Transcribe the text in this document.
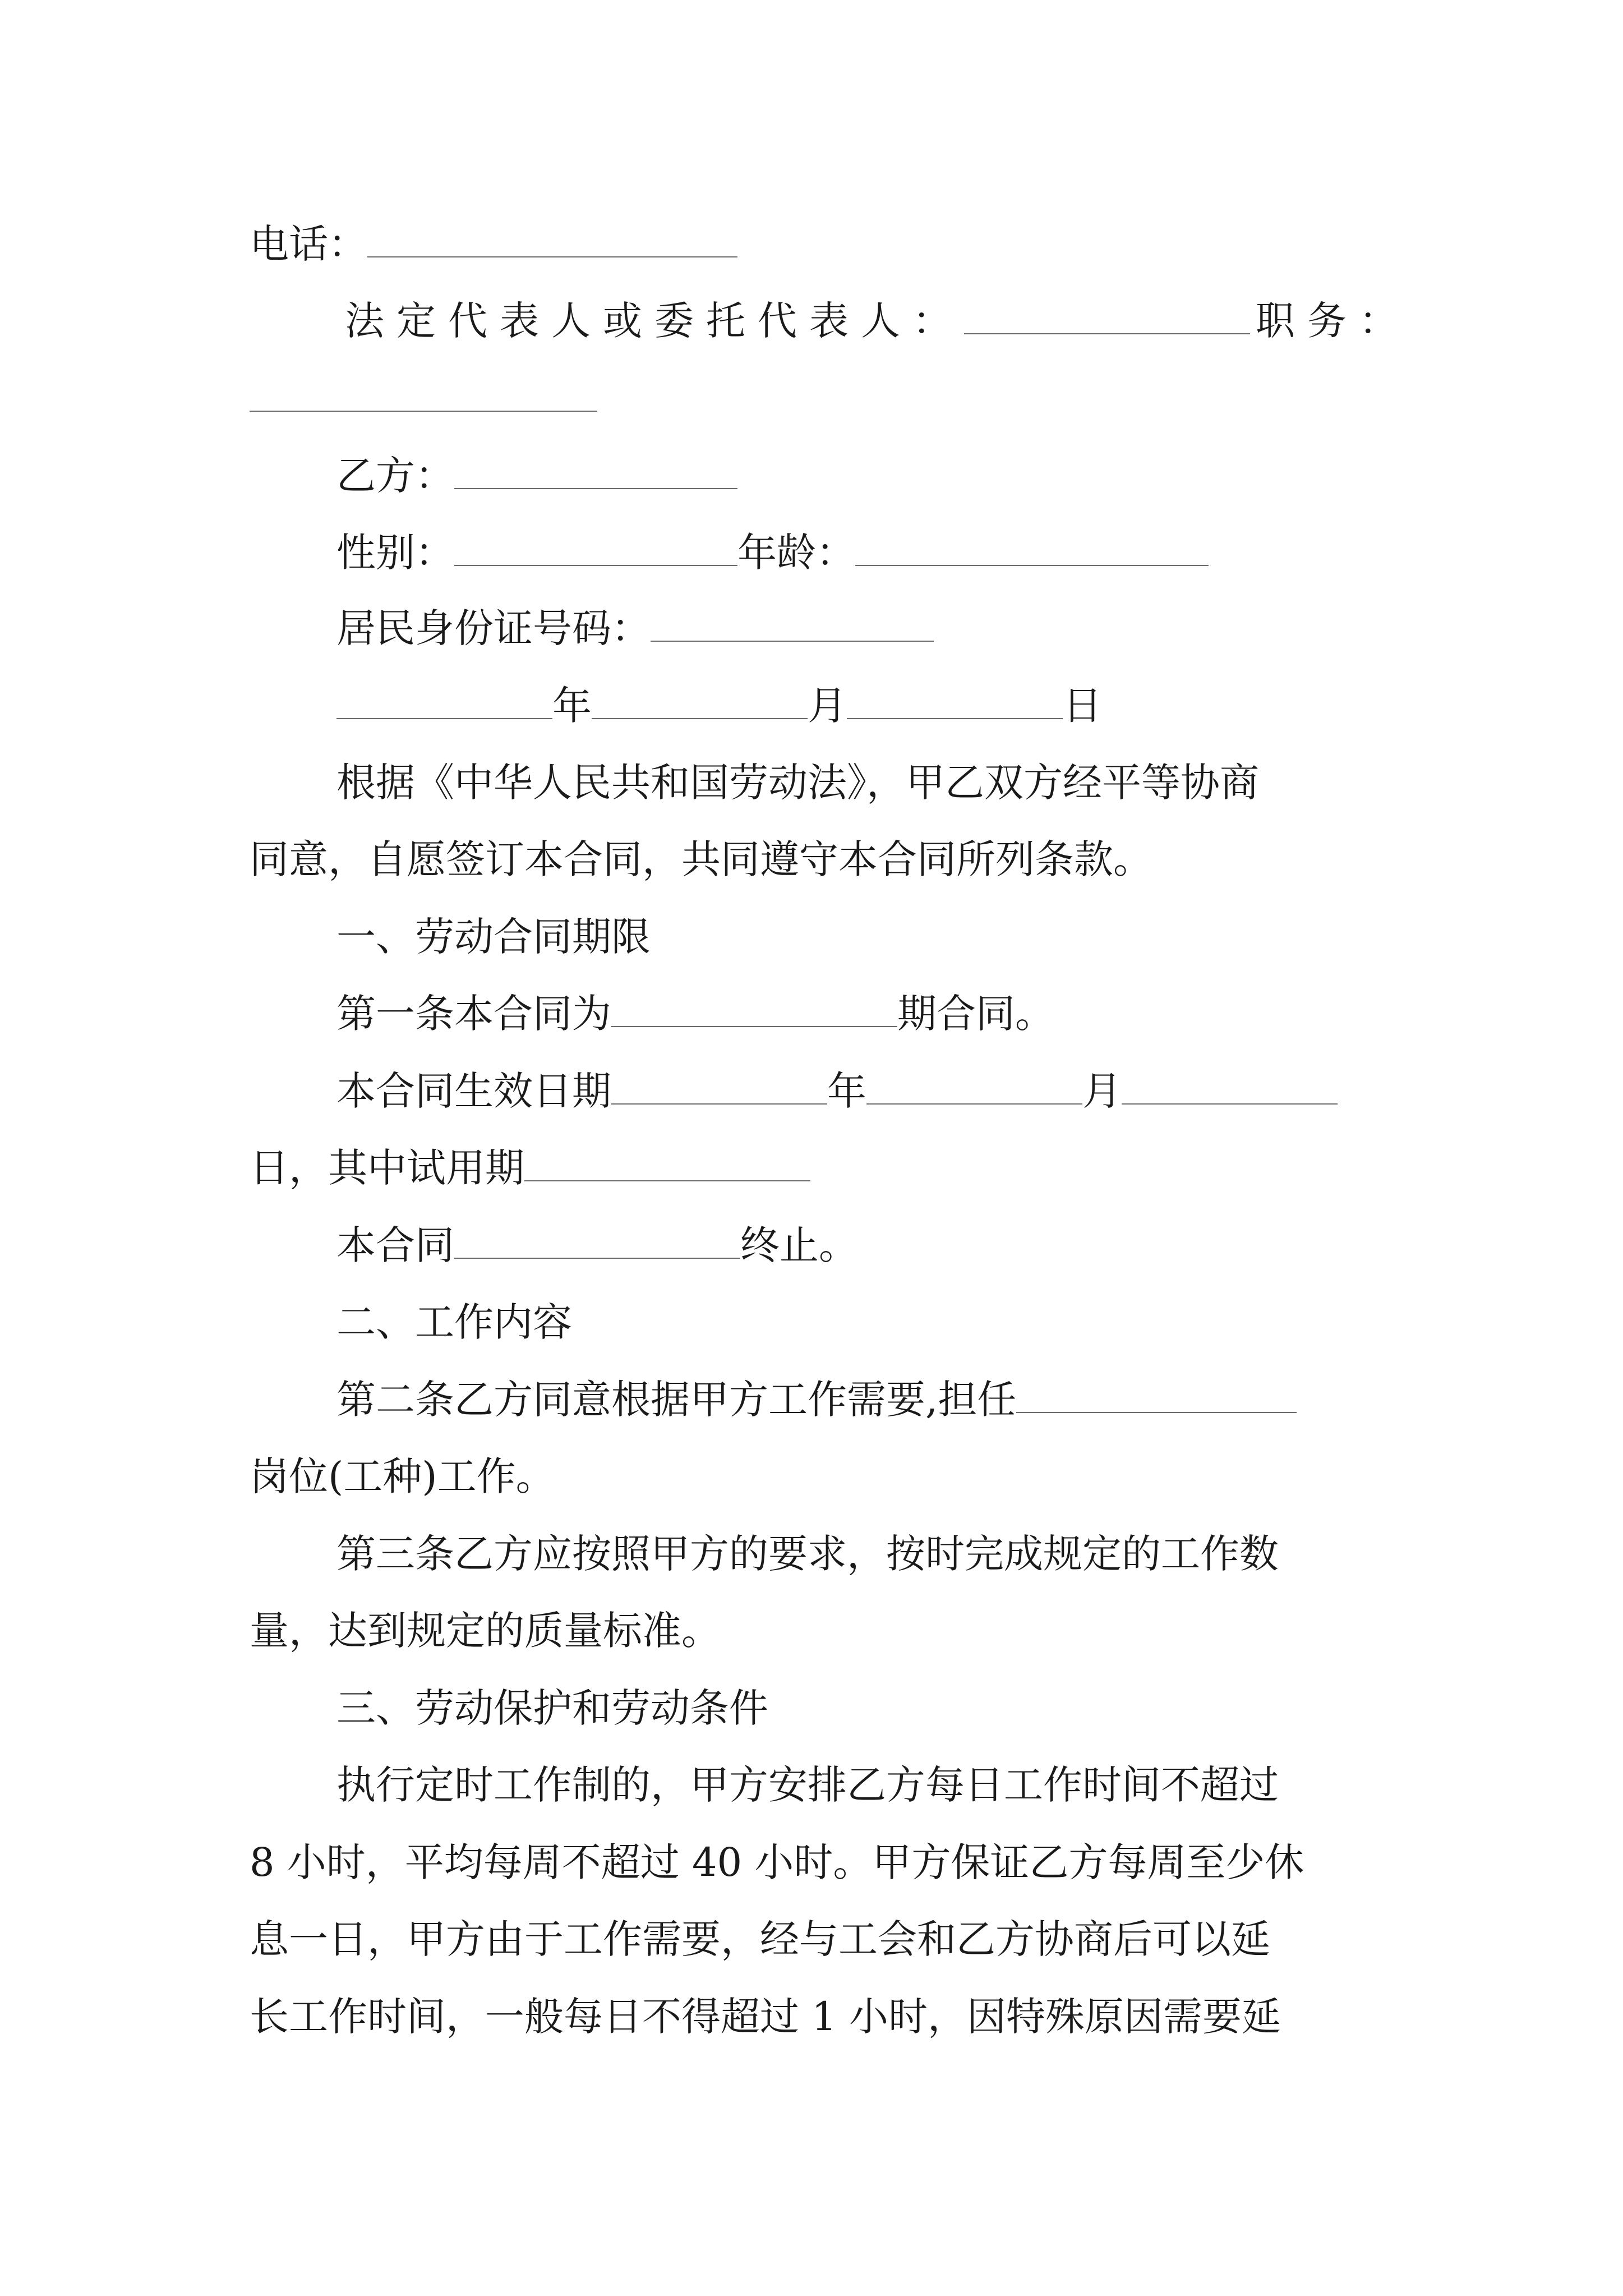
电话：

法定代表人或委托代表人：	职务：

乙方：

性别：	年龄：

居民身份证号码：

年	月	日

根据《中华人民共和国劳动法》，甲乙双方经平等协商

同意，自愿签订本合同，共同遵守本合同所列条款。

一、劳动合同期限

第一条本合同为	期合同。

本合同生效日期	年	月

日，其中试用期

本合同	终止。

二、工作内容

第二条乙方同意根据甲方工作需要,担任

岗位(工种)工作。

第三条乙方应按照甲方的要求，按时完成规定的工作数

量，达到规定的质量标准。

三、劳动保护和劳动条件

执行定时工作制的，甲方安排乙方每日工作时间不超过

8 小时，平均每周不超过 40 小时。甲方保证乙方每周至少休

息一日，甲方由于工作需要，经与工会和乙方协商后可以延

长工作时间，一般每日不得超过 1 小时，因特殊原因需要延
